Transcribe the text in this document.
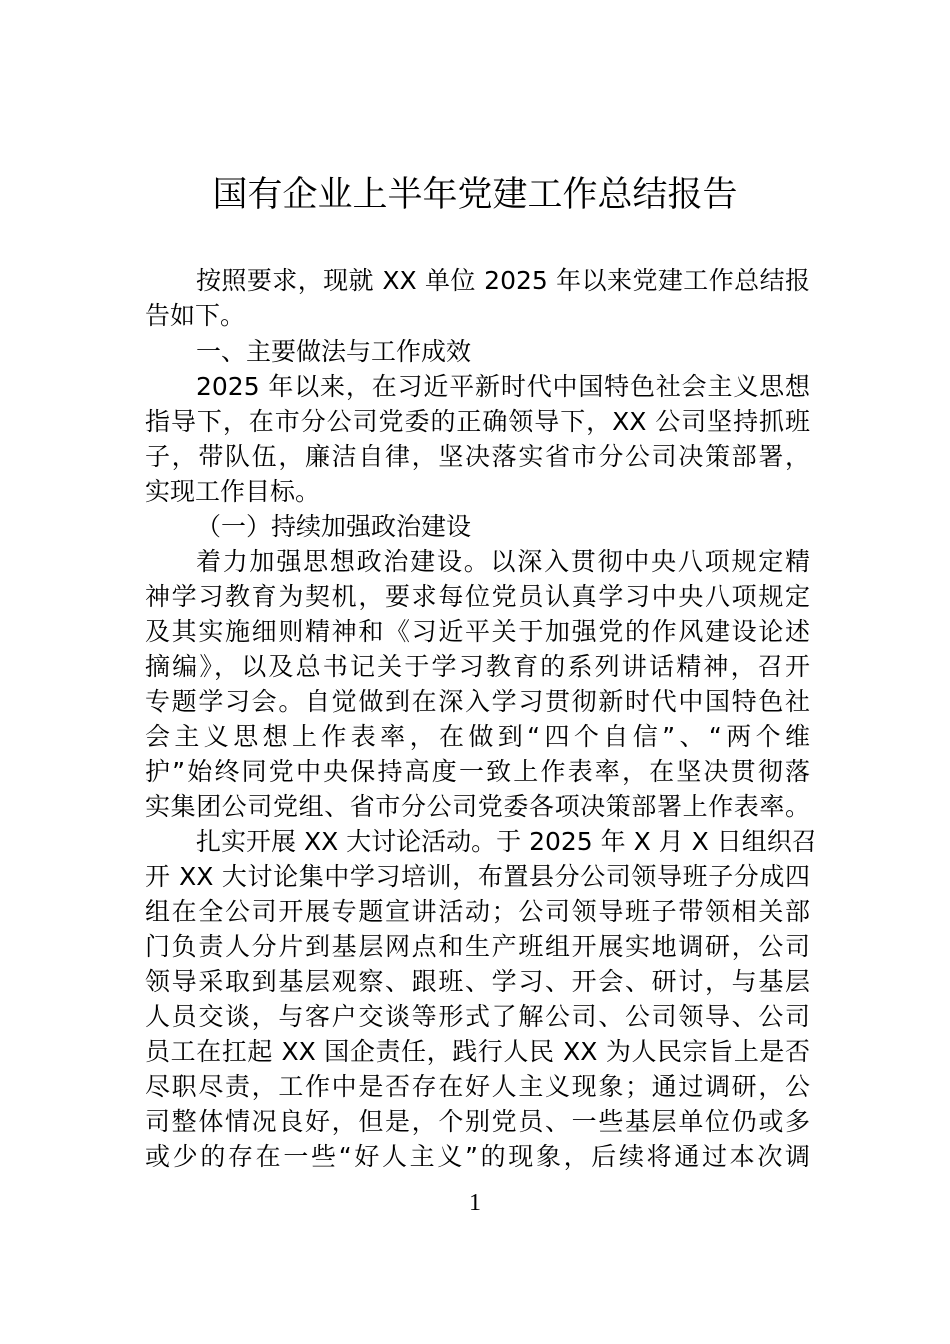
国有企业上半年党建工作总结报告
按照要求，现就 XX 单位 2025 年以来党建工作总结报
告如下。
一、主要做法与工作成效
2025 年以来，在习近平新时代中国特色社会主义思想
指导下，在市分公司党委的正确领导下，XX 公司坚持抓班
子，带队伍，廉洁自律，坚决落实省市分公司决策部署，
实现工作目标。
（一）持续加强政治建设
着力加强思想政治建设。以深入贯彻中央八项规定精
神学习教育为契机，要求每位党员认真学习中央八项规定
及其实施细则精神和《习近平关于加强党的作风建设论述
摘编》，以及总书记关于学习教育的系列讲话精神，召开
专题学习会。自觉做到在深入学习贯彻新时代中国特色社
会主义思想上作表率，在做到“四个自信”、“两个维
护”始终同党中央保持高度一致上作表率，在坚决贯彻落
实集团公司党组、省市分公司党委各项决策部署上作表率。
扎实开展 XX 大讨论活动。于 2025 年 X 月 X 日组织召
开 XX 大讨论集中学习培训，布置县分公司领导班子分成四
组在全公司开展专题宣讲活动；公司领导班子带领相关部
门负责人分片到基层网点和生产班组开展实地调研，公司
领导采取到基层观察、跟班、学习、开会、研讨，与基层
人员交谈，与客户交谈等形式了解公司、公司领导、公司
员工在扛起 XX 国企责任，践行人民 XX 为人民宗旨上是否
尽职尽责，工作中是否存在好人主义现象；通过调研，公
司整体情况良好，但是，个别党员、一些基层单位仍或多
或少的存在一些“好人主义”的现象，后续将通过本次调
1
